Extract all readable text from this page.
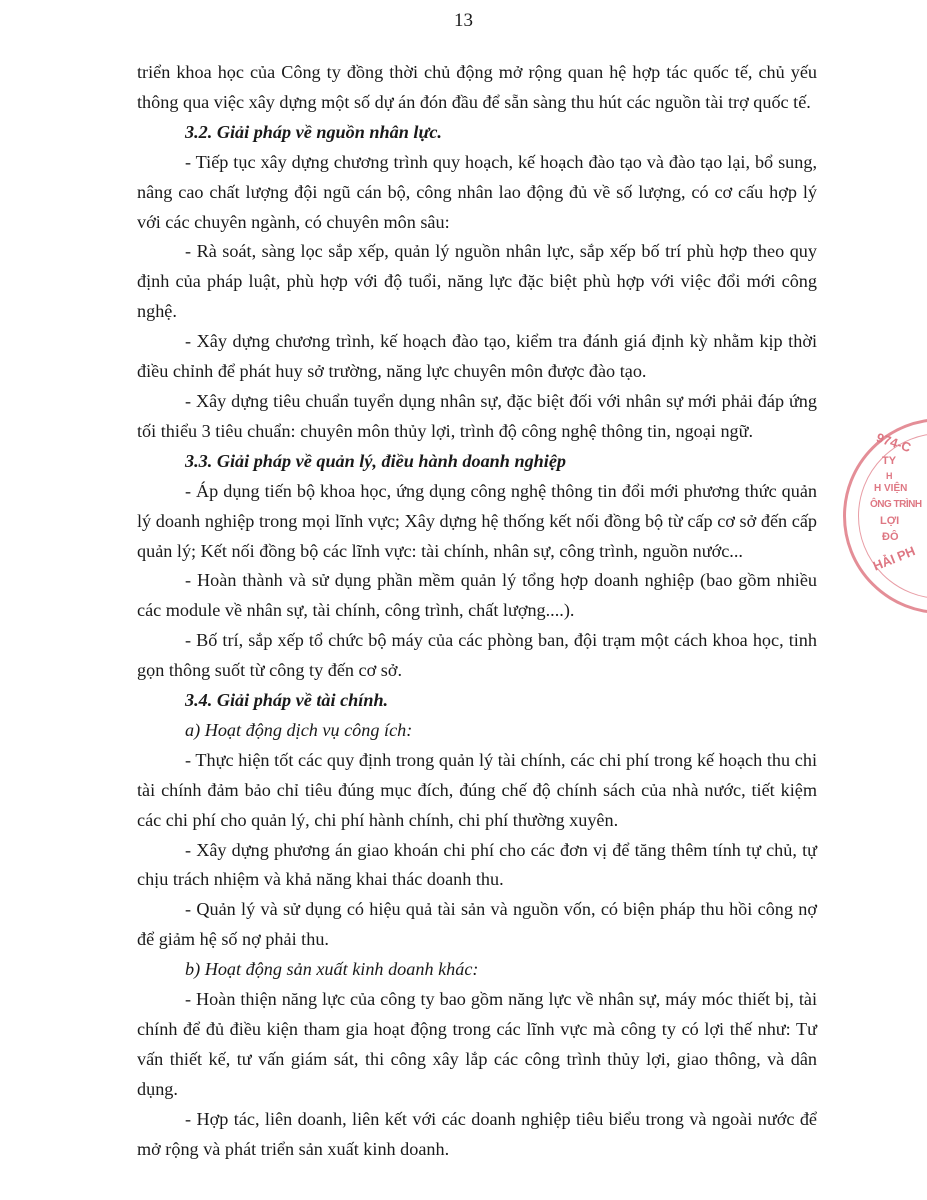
13

triển khoa học của Công ty đồng thời chủ động mở rộng quan hệ hợp tác quốc tế, chủ yếu thông qua việc xây dựng một số dự án đón đầu để sẵn sàng thu hút các nguồn tài trợ quốc tế.

3.2. Giải pháp về nguồn nhân lực.

- Tiếp tục xây dựng chương trình quy hoạch, kế hoạch đào tạo và đào tạo lại, bổ sung, nâng cao chất lượng đội ngũ cán bộ, công nhân lao động đủ về số lượng, có cơ cấu hợp lý với các chuyên ngành, có chuyên môn sâu:

- Rà soát, sàng lọc sắp xếp, quản lý nguồn nhân lực, sắp xếp bố trí phù hợp theo quy định của pháp luật, phù hợp với độ tuổi, năng lực đặc biệt phù hợp với việc đổi mới công nghệ.

- Xây dựng chương trình, kế hoạch đào tạo, kiểm tra đánh giá định kỳ nhằm kịp thời điều chỉnh để phát huy sở trường, năng lực chuyên môn được đào tạo.

- Xây dựng tiêu chuẩn tuyển dụng nhân sự, đặc biệt đối với nhân sự mới phải đáp ứng tối thiểu 3 tiêu chuẩn: chuyên môn thủy lợi, trình độ công nghệ thông tin, ngoại ngữ.

3.3. Giải pháp về quản lý, điều hành doanh nghiệp

- Áp dụng tiến bộ khoa học, ứng dụng công nghệ thông tin đổi mới phương thức quản lý doanh nghiệp trong mọi lĩnh vực; Xây dựng hệ thống kết nối đồng bộ từ cấp cơ sở đến cấp quản lý; Kết nối đồng bộ các lĩnh vực: tài chính, nhân sự, công trình, nguồn nước...

- Hoàn thành và sử dụng phần mềm quản lý tổng hợp doanh nghiệp (bao gồm nhiều các module về nhân sự, tài chính, công trình, chất lượng....).

- Bố trí, sắp xếp tổ chức bộ máy của các phòng ban, đội trạm một cách khoa học, tinh gọn thông suốt từ công ty đến cơ sở.

3.4. Giải pháp về tài chính.

a) Hoạt động dịch vụ công ích:

- Thực hiện tốt các quy định trong quản lý tài chính, các chi phí trong kế hoạch thu chi tài chính đảm bảo chỉ tiêu đúng mục đích, đúng chế độ chính sách của nhà nước, tiết kiệm các chi phí cho quản lý, chi phí hành chính, chi phí thường xuyên.

- Xây dựng phương án giao khoán chi phí cho các đơn vị để tăng thêm tính tự chủ, tự chịu trách nhiệm và khả năng khai thác doanh thu.

- Quản lý và sử dụng có hiệu quả tài sản và nguồn vốn, có biện pháp thu hồi công nợ để giảm hệ số nợ phải thu.

b) Hoạt động sản xuất kinh doanh khác:

- Hoàn thiện năng lực của công ty bao gồm năng lực về nhân sự, máy móc thiết bị, tài chính để đủ điều kiện tham gia hoạt động trong các lĩnh vực mà công ty có lợi thế như: Tư vấn thiết kế, tư vấn giám sát, thi công xây lắp các công trình thủy lợi, giao thông, và dân dụng.

- Hợp tác, liên doanh, liên kết với các doanh nghiệp tiêu biểu trong và ngoài nước để mở rộng và phát triển sản xuất kinh doanh.

974-C
TY
H
H VIỆN
ÔNG TRÌNH
LỢI
ĐÔ
HẢI PH
